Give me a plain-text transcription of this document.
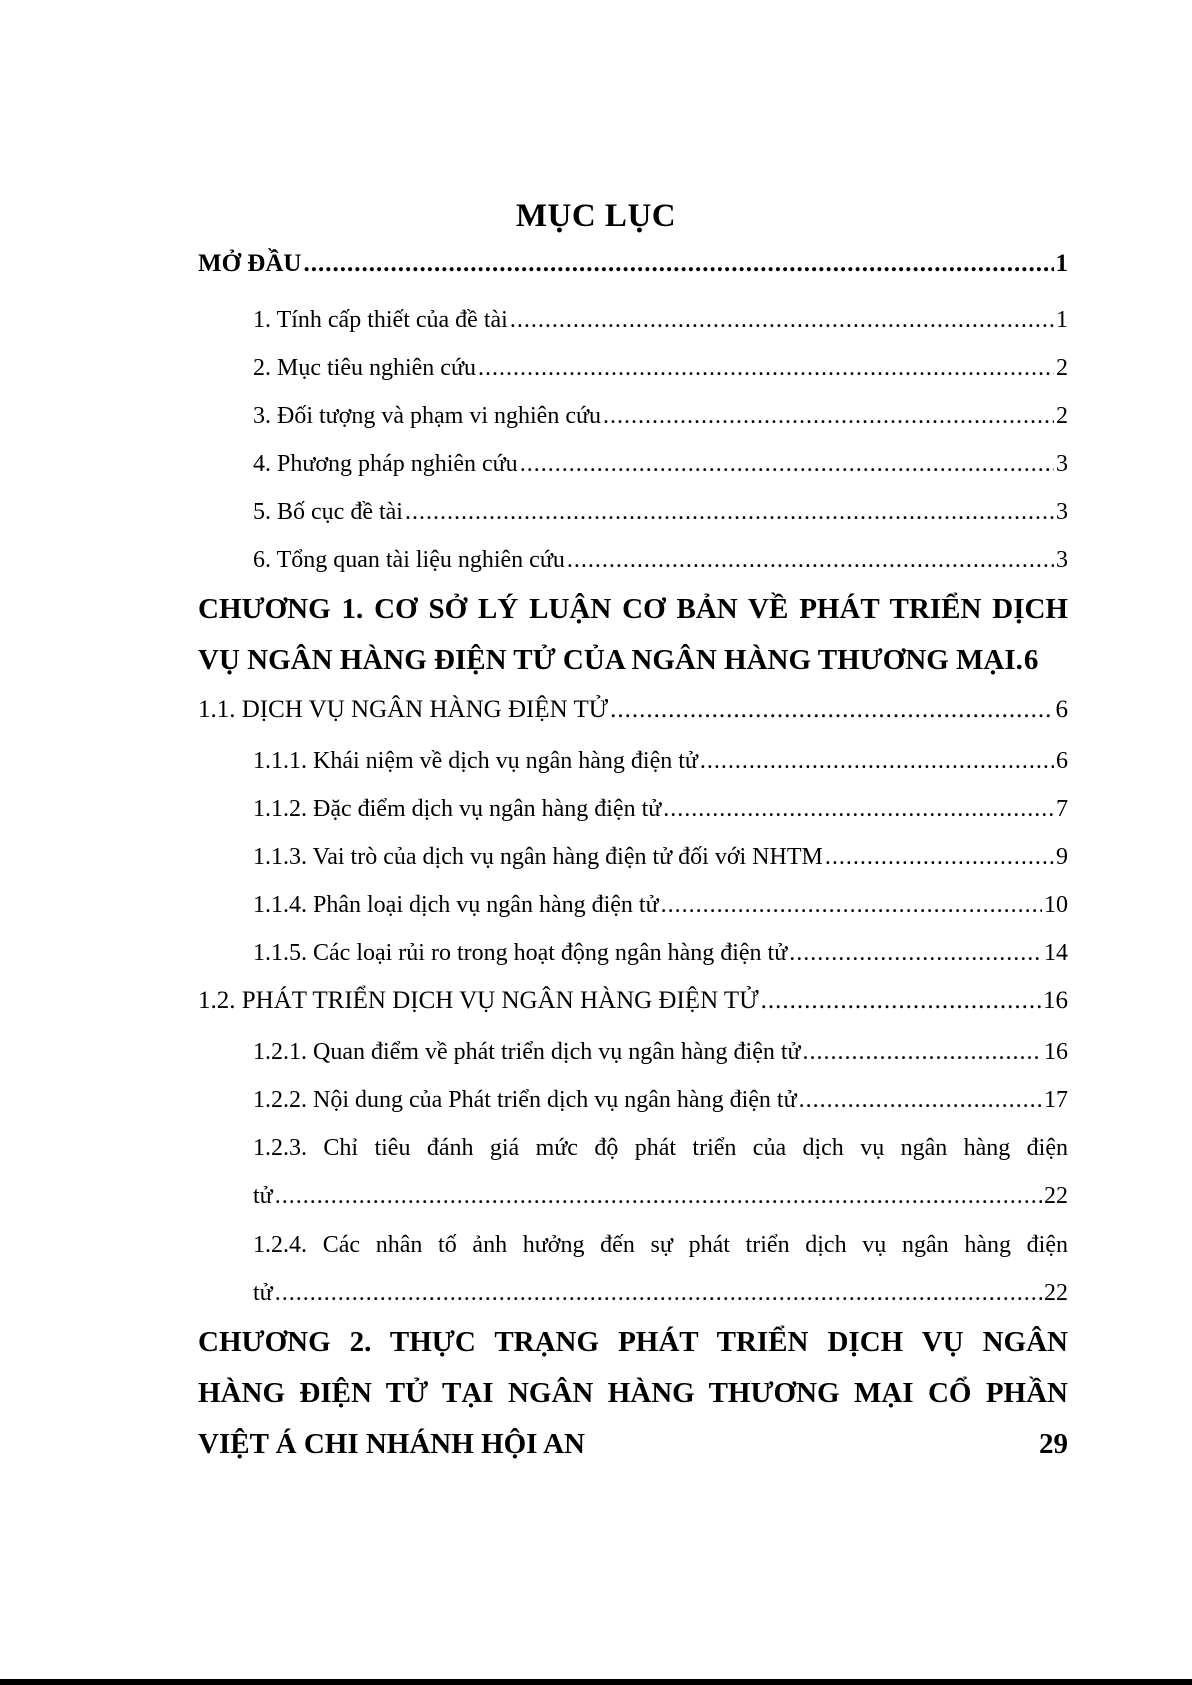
MỤC LỤC
MỞ ĐẦU .....	1
1. Tính cấp thiết của đề tài .....	1
2. Mục tiêu nghiên cứu .....	2
3. Đối tượng và phạm vi nghiên cứu .....	2
4. Phương pháp nghiên cứu .....	3
5. Bố cục đề tài .....	3
6. Tổng quan tài liệu nghiên cứu .....	3
CHƯƠNG 1. CƠ SỞ LÝ LUẬN CƠ BẢN VỀ PHÁT TRIỂN DỊCH
VỤ NGÂN HÀNG ĐIỆN TỬ CỦA NGÂN HÀNG THƯƠNG MẠI . 6
1.1. DỊCH VỤ NGÂN HÀNG ĐIỆN TỬ .....	6
1.1.1. Khái niệm về dịch vụ ngân hàng điện tử .....	6
1.1.2. Đặc điểm dịch vụ ngân hàng điện tử .....	7
1.1.3. Vai trò của dịch vụ ngân hàng điện tử đối với NHTM .....	9
1.1.4. Phân loại dịch vụ ngân hàng điện tử .....	10
1.1.5. Các loại rủi ro trong hoạt động ngân hàng điện tử .....	14
1.2. PHÁT TRIỂN DỊCH VỤ NGÂN HÀNG ĐIỆN TỬ .....	16
1.2.1. Quan điểm về phát triển dịch vụ ngân hàng điện tử .....	16
1.2.2. Nội dung của Phát triển dịch vụ ngân hàng điện tử .....	17
1.2.3. Chỉ tiêu đánh giá mức độ phát triển của dịch vụ ngân hàng điện
tử .....	22
1.2.4. Các nhân tố ảnh hưởng đến sự phát triển dịch vụ ngân hàng điện
tử .....	22
CHƯƠNG 2. THỰC TRẠNG PHÁT TRIỂN DỊCH VỤ NGÂN
HÀNG ĐIỆN TỬ TẠI NGÂN HÀNG THƯƠNG MẠI CỔ PHẦN
VIỆT Á CHI NHÁNH HỘI AN	29
